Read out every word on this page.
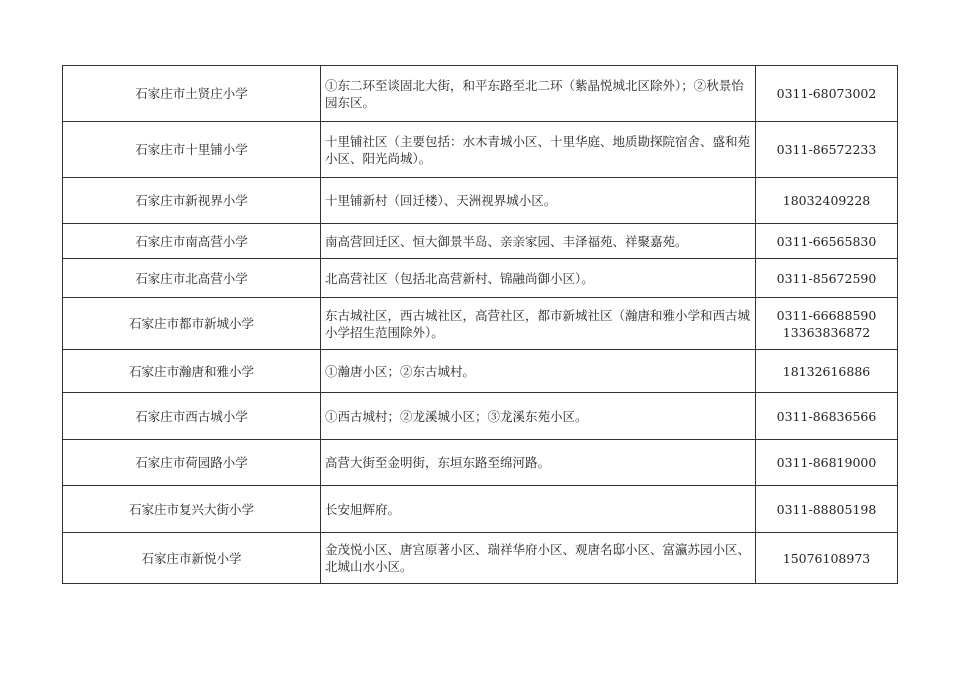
石家庄市土贤庄小学	①东二环至谈固北大街，和平东路至北二环（紫晶悦城北区除外）；②秋景怡园东区。	0311-68073002

石家庄市十里铺小学	十里铺社区（主要包括：水木青城小区、十里华庭、地质勘探院宿舍、盛和苑小区、阳光尚城）。	0311-86572233

石家庄市新视界小学	十里铺新村（回迁楼）、天洲视界城小区。	18032409228

石家庄市南高营小学	南高营回迁区、恒大御景半岛、亲亲家园、丰泽福苑、祥聚嘉苑。	0311-66565830

石家庄市北高营小学	北高营社区（包括北高营新村、锦融尚御小区）。	0311-85672590

石家庄市都市新城小学	东古城社区，西古城社区，高营社区，都市新城社区（瀚唐和雅小学和西古城小学招生范围除外）。	0311-66688590
13363836872

石家庄市瀚唐和雅小学	①瀚唐小区；②东古城村。	18132616886

石家庄市西古城小学	①西古城村；②龙溪城小区；③龙溪东苑小区。	0311-86836566

石家庄市荷园路小学	高营大街至金明街，东垣东路至绵河路。	0311-86819000

石家庄市复兴大街小学	长安旭辉府。	0311-88805198

石家庄市新悦小学	金茂悦小区、唐宫原著小区、瑞祥华府小区、观唐名邸小区、富瀛苏园小区、北城山水小区。	15076108973
